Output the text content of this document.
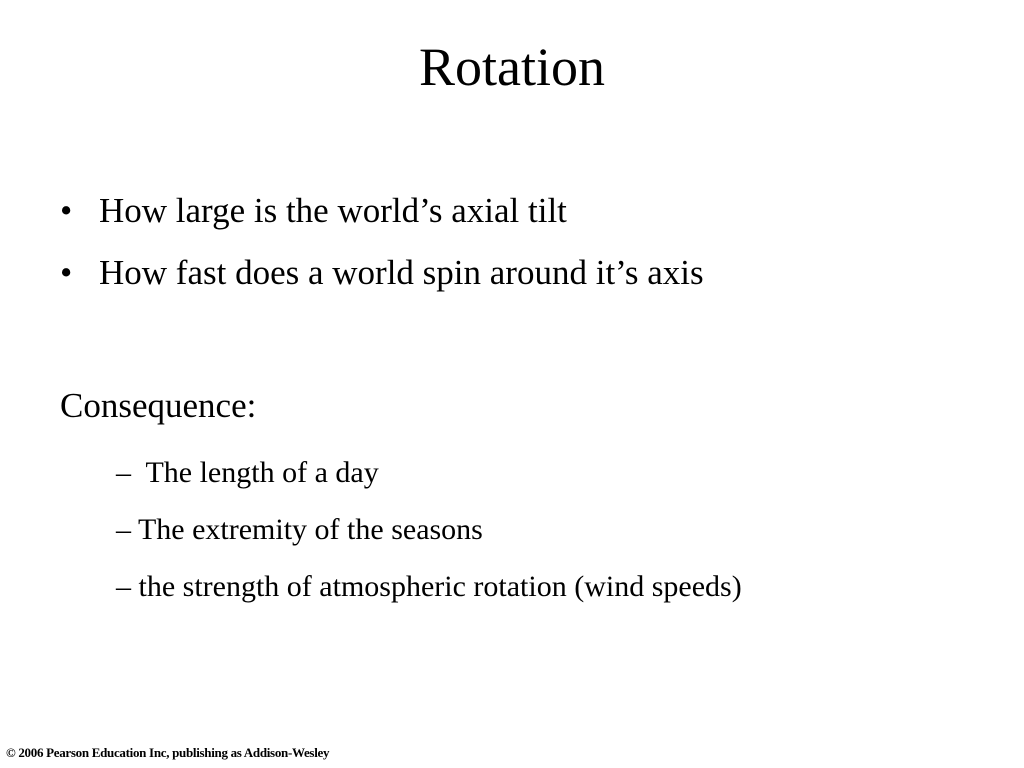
Rotation
• How large is the world’s axial tilt
• How fast does a world spin around it’s axis
Consequence:
–  The length of a day
– The extremity of the seasons
– the strength of atmospheric rotation (wind speeds)
© 2006 Pearson Education Inc, publishing as Addison-Wesley
